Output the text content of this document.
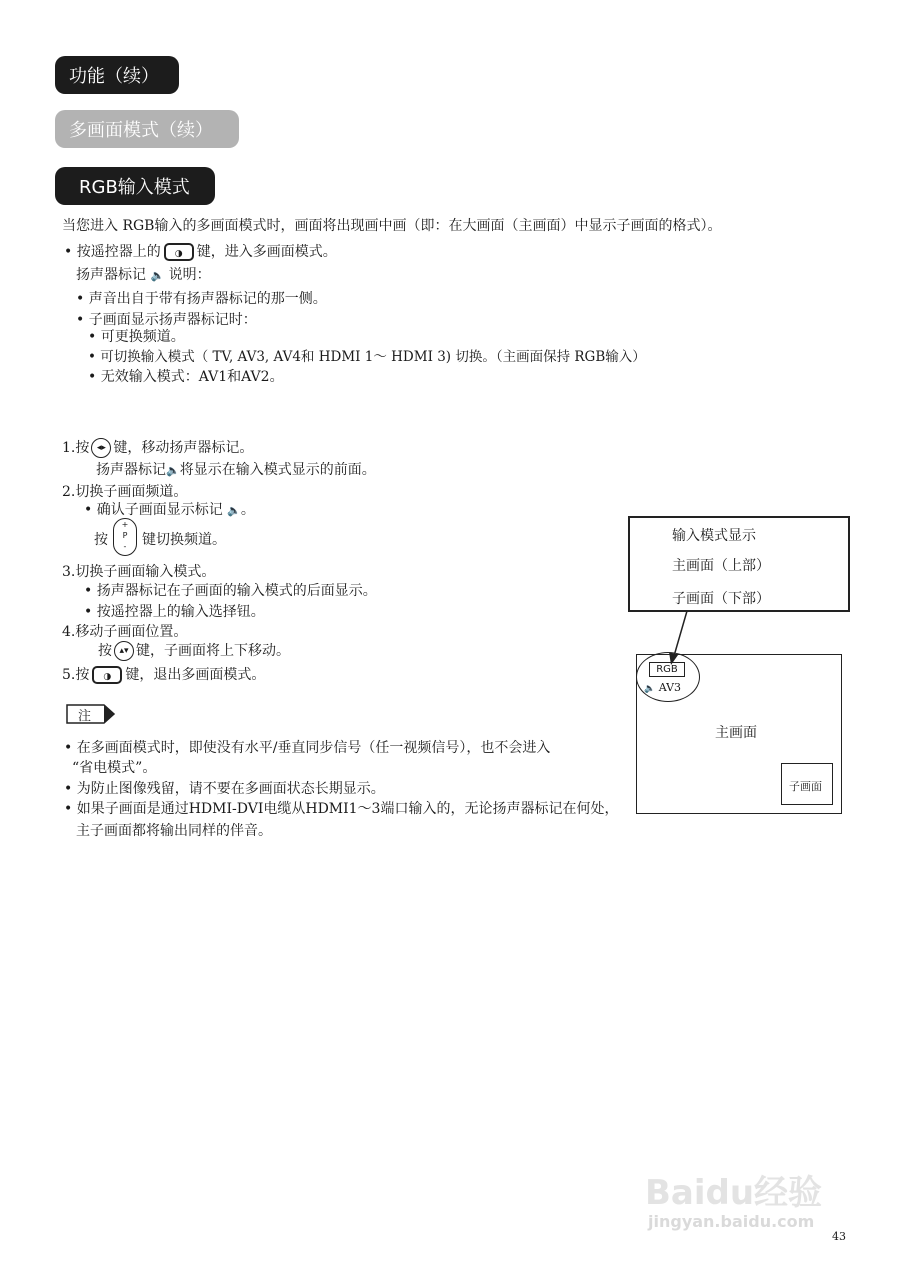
功能（续）
多画面模式（续）
RGB输入模式
当您进入 RGB输入的多画面模式时，画面将出现画中画（即：在大画面（主画面）中显示子画面的格式）。
• 按遥控器上的 ◑ 键，进入多画面模式。
扬声器标记 🔈 说明：
• 声音出自于带有扬声器标记的那一侧。
• 子画面显示扬声器标记时：
• 可更换频道。
• 可切换输入模式（ TV, AV3, AV4和 HDMI 1～ HDMI 3) 切换。（主画面保持 RGB输入）
• 无效输入模式：AV1和AV2。
1.按 ◂▸ 键，移动扬声器标记。
扬声器标记🔈将显示在输入模式显示的前面。
2.切换子画面频道。
• 确认子画面显示标记 🔈。
按
+
P
-	键切换频道。
3.切换子画面输入模式。
• 扬声器标记在子画面的输入模式的后面显示。
• 按遥控器上的输入选择钮。
4.移动子画面位置。
按 ▴▾ 键，子画面将上下移动。
5.按 ◑ 键，退出多画面模式。
注
• 在多画面模式时，即使没有水平/垂直同步信号（任一视频信号），也不会进入
“省电模式”。
• 为防止图像残留，请不要在多画面状态长期显示。
• 如果子画面是通过HDMI-DVI电缆从HDMI1～3端口输入的，无论扬声器标记在何处，
主子画面都将输出同样的伴音。
输入模式显示
主画面（上部）
子画面（下部）
主画面
子画面
RGB
🔈 AV3
Baidu经验
jingyan.baidu.com
43
